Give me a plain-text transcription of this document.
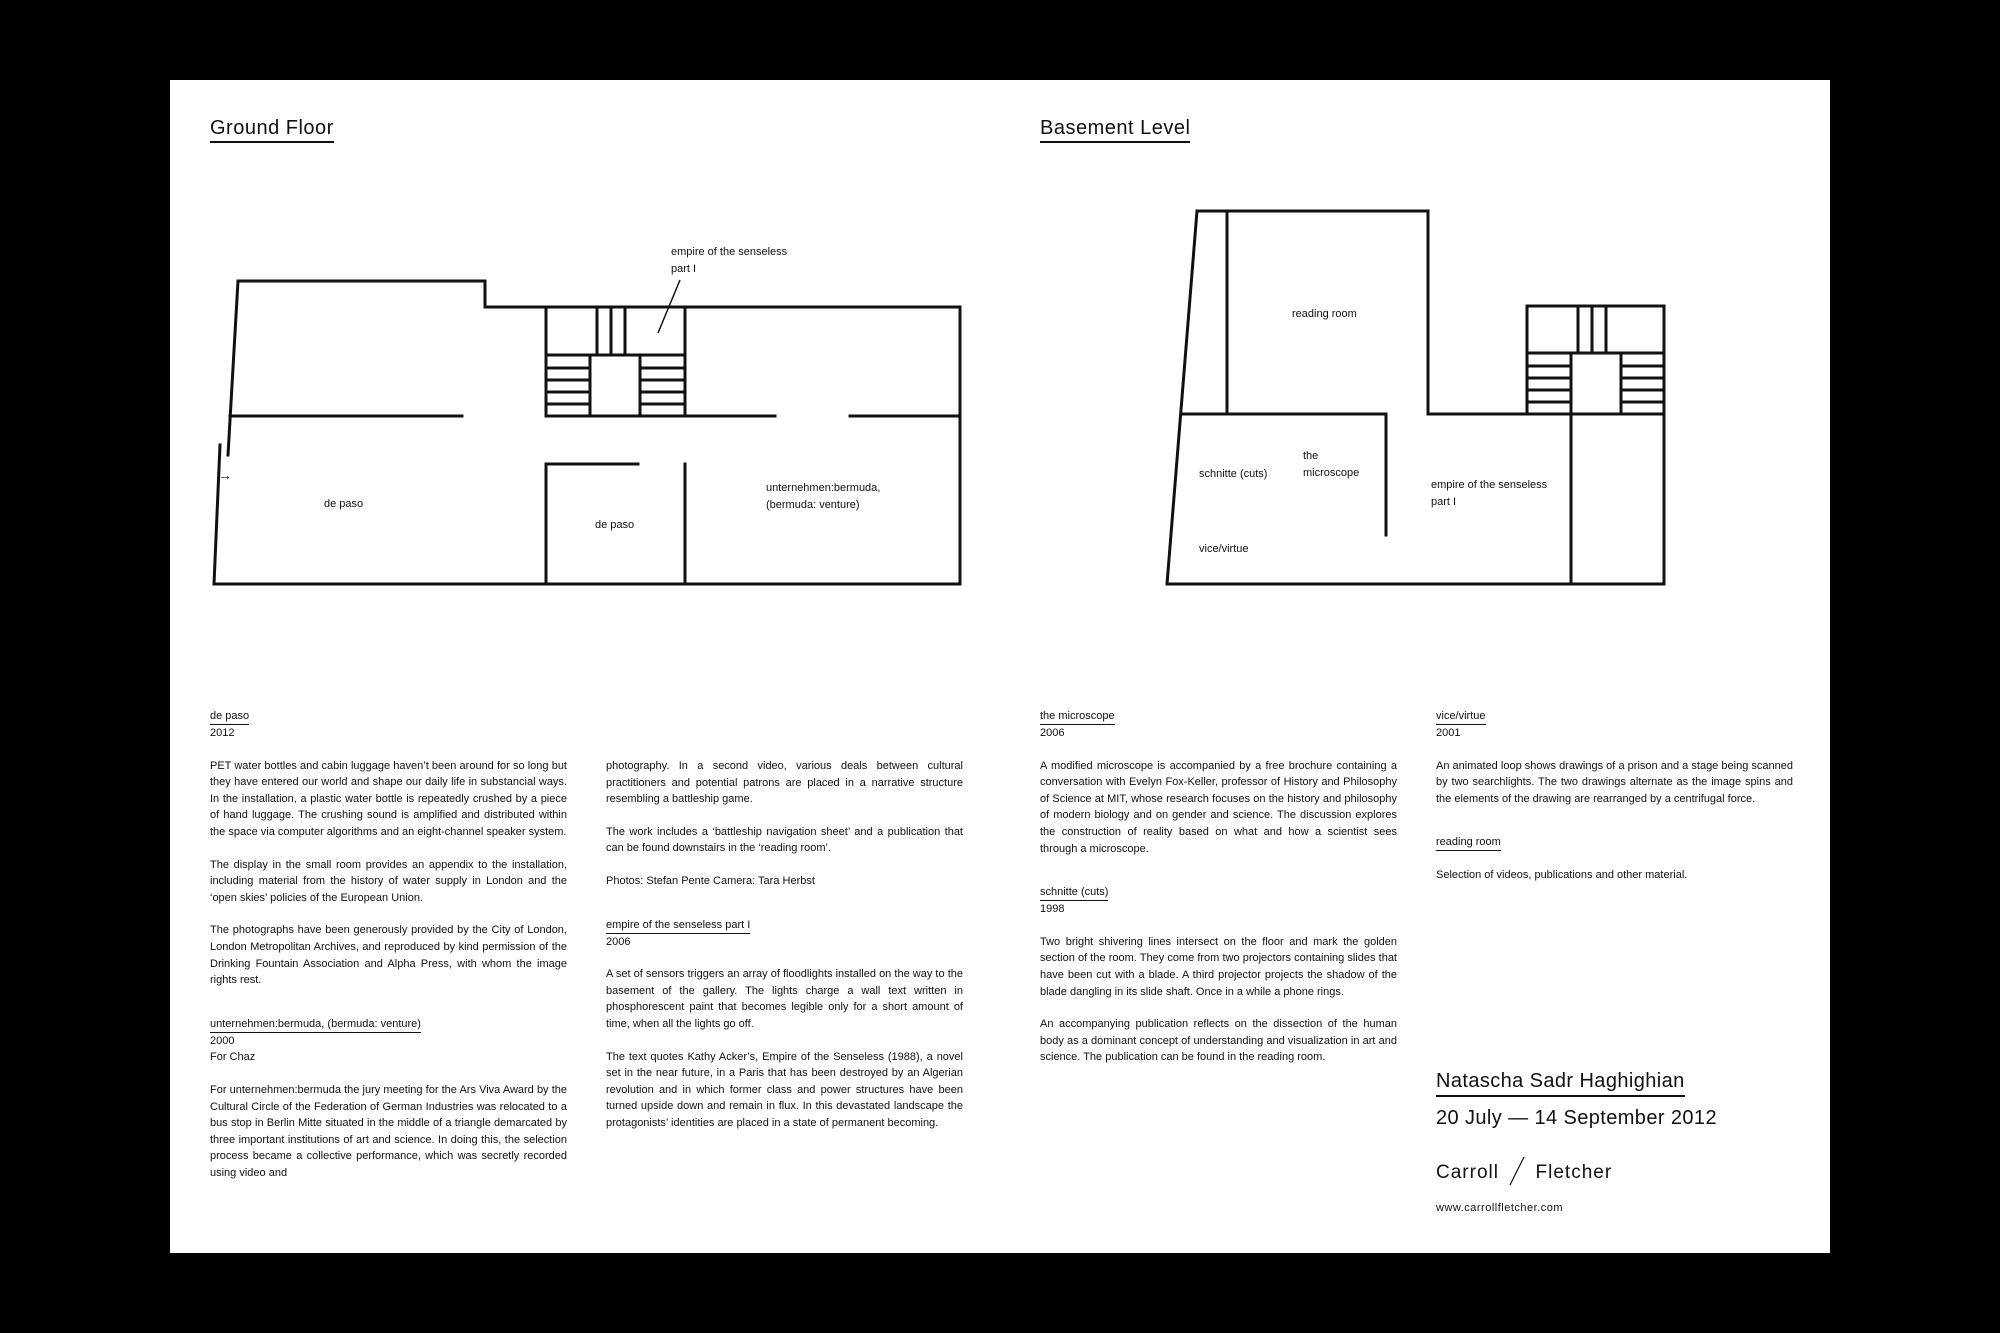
Ground Floor
empire of the senseless
part I
→
de paso
de paso
unternehmen:bermuda,
(bermuda: venture)
Basement Level
reading room
schnitte (cuts)
the
microscope
empire of the senseless
part I
vice/virtue
de paso
2012

PET water bottles and cabin luggage haven’t been around for so long but they have entered our world and shape our daily life in substancial ways. In the installation, a plastic water bottle is repeatedly crushed by a piece of hand luggage. The crushing sound is amplified and distributed within the space via computer algorithms and an eight-channel speaker system.

The display in the small room provides an appendix to the installation, including material from the history of water supply in London and the ‘open skies’ policies of the European Union.

The photographs have been generously provided by the City of London, London Metropolitan Archives, and reproduced by kind permission of the Drinking Fountain Association and Alpha Press, with whom the image rights rest.

unternehmen:bermuda, (bermuda: venture)
2000
For Chaz

For unternehmen:bermuda the jury meeting for the Ars Viva Award by the Cultural Circle of the Federation of German Industries was relocated to a bus stop in Berlin Mitte situated in the middle of a triangle demarcated by three important institutions of art and science. In doing this, the selection process became a collective performance, which was secretly recorded using video and

photography. In a second video, various deals between cultural practitioners and potential patrons are placed in a narrative structure resembling a battleship game.

The work includes a ‘battleship navigation sheet’ and a publication that can be found downstairs in the ‘reading room’.

Photos: Stefan Pente Camera: Tara Herbst

empire of the senseless part I
2006

A set of sensors triggers an array of floodlights installed on the way to the basement of the gallery. The lights charge a wall text written in phosphorescent paint that becomes legible only for a short amount of time, when all the lights go off.

The text quotes Kathy Acker’s, Empire of the Senseless (1988), a novel set in the near future, in a Paris that has been destroyed by an Algerian revolution and in which former class and power structures have been turned upside down and remain in flux. In this devastated landscape the protagonists’ identities are placed in a state of permanent becoming.

the microscope
2006

A modified microscope is accompanied by a free brochure containing a conversation with Evelyn Fox-Keller, professor of History and Philosophy of Science at MIT, whose research focuses on the history and philosophy of modern biology and on gender and science. The discussion explores the construction of reality based on what and how a scientist sees through a microscope.

schnitte (cuts)
1998

Two bright shivering lines intersect on the floor and mark the golden section of the room. They come from two projectors containing slides that have been cut with a blade. A third projector projects the shadow of the blade dangling in its slide shaft. Once in a while a phone rings.

An accompanying publication reflects on the dissection of the human body as a dominant concept of understanding and visualization in art and science. The publication can be found in the reading room.

vice/virtue
2001

An animated loop shows drawings of a prison and a stage being scanned by two searchlights. The two drawings alternate as the image spins and the elements of the drawing are rearranged by a centrifugal force.

reading room

Selection of videos, publications and other material.

Natascha Sadr Haghighian
20 July — 14 September 2012
Carroll Fletcher
www.carrollfletcher.com
